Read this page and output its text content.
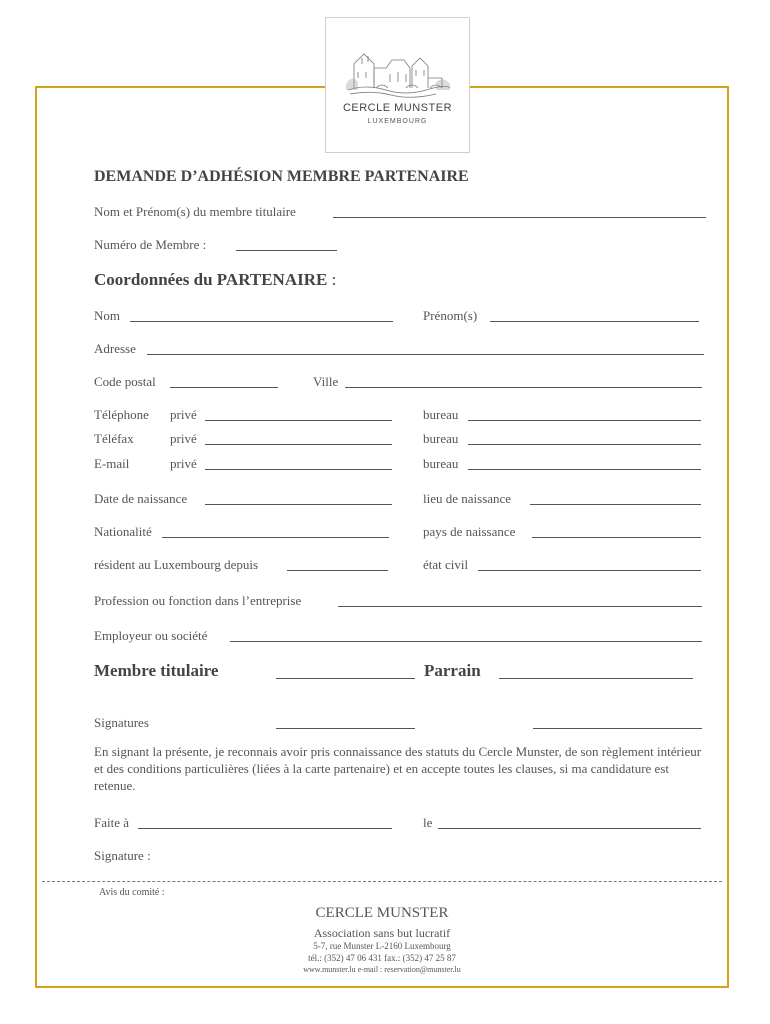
CERCLE MUNSTER
LUXEMBOURG
DEMANDE D’ADHÉSION MEMBRE PARTENAIRE
Nom et Prénom(s) du membre titulaire
Numéro de Membre :
Coordonnées du PARTENAIRE :
Nom	Prénom(s)
Adresse
Code postal	Ville
Téléphone privé	bureau
Téléfax	privé	bureau
E-mail	privé	bureau
Date de naissance	lieu de naissance
Nationalité	pays de naissance
résident au Luxembourg depuis	état civil
Profession ou fonction dans l’entreprise
Employeur ou société
Membre titulaire	Parrain
Signatures
En signant la présente, je reconnais avoir pris connaissance des statuts du Cercle Munster, de son règlement intérieur et des conditions particulières (liées à la carte partenaire) et en accepte toutes les clauses, si ma candidature est retenue.
Faite à	le
Signature :
Avis du comité :
CERCLE MUNSTER
Association sans but lucratif
5-7, rue Munster L-2160 Luxembourg
tél.: (352) 47 06 431 fax.: (352) 47 25 87
www.munster.lu e-mail : reservation@munster.lu
